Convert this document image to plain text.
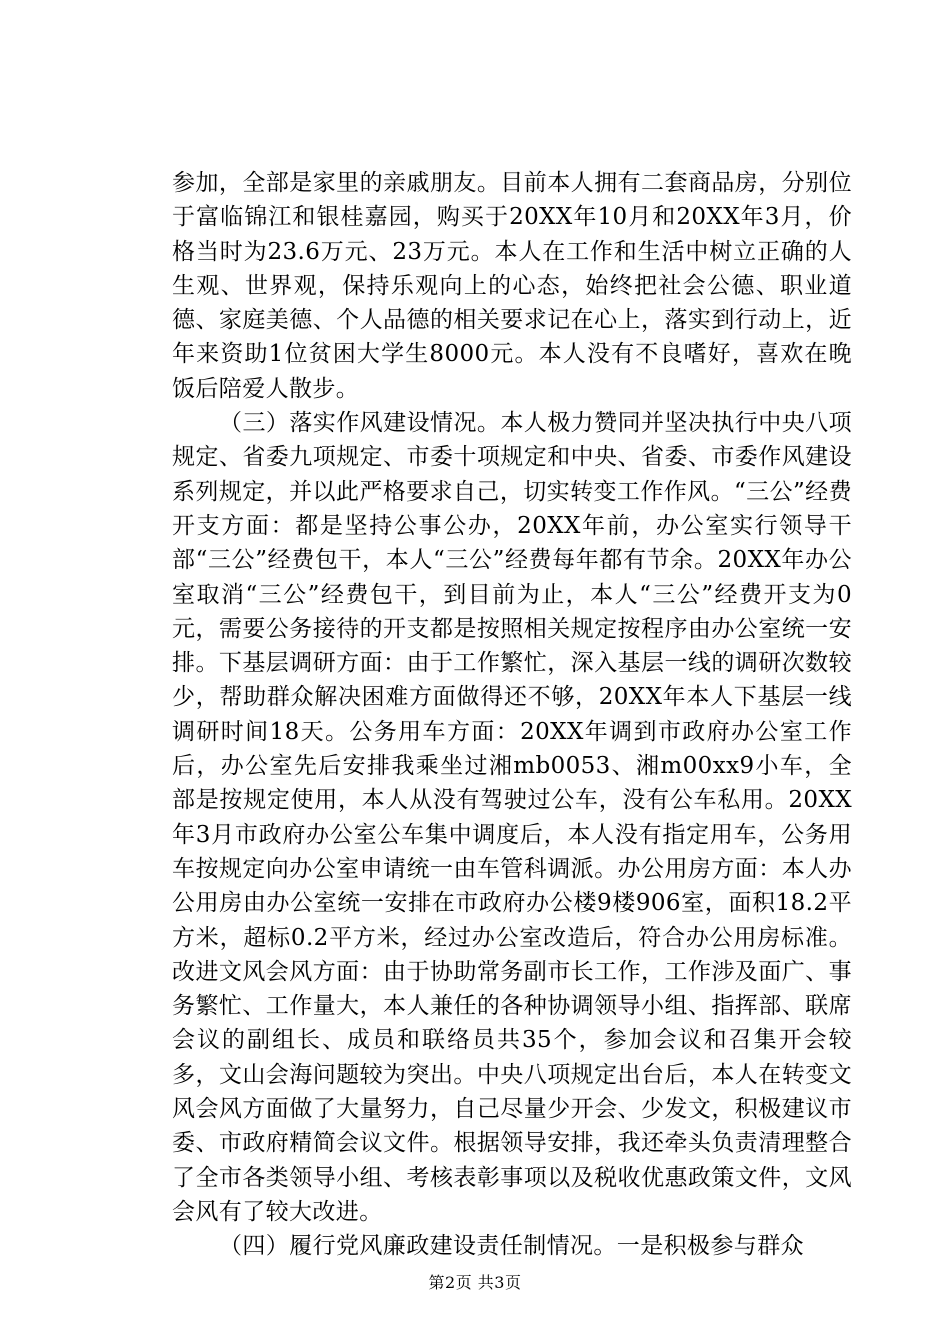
参加，全部是家里的亲戚朋友。目前本人拥有二套商品房，分别位于富临锦江和银桂嘉园，购买于20XX年10月和20XX年3月，价格当时为23.6万元、23万元。本人在工作和生活中树立正确的人生观、世界观，保持乐观向上的心态，始终把社会公德、职业道德、家庭美德、个人品德的相关要求记在心上，落实到行动上，近年来资助1位贫困大学生8000元。本人没有不良嗜好，喜欢在晚饭后陪爱人散步。

（三）落实作风建设情况。本人极力赞同并坚决执行中央八项规定、省委九项规定、市委十项规定和中央、省委、市委作风建设系列规定，并以此严格要求自己，切实转变工作作风。“三公”经费开支方面：都是坚持公事公办，20XX年前，办公室实行领导干部“三公”经费包干，本人“三公”经费每年都有节余。20XX年办公室取消“三公”经费包干，到目前为止，本人“三公”经费开支为0元，需要公务接待的开支都是按照相关规定按程序由办公室统一安排。下基层调研方面：由于工作繁忙，深入基层一线的调研次数较少，帮助群众解决困难方面做得还不够，20XX年本人下基层一线调研时间18天。公务用车方面：20XX年调到市政府办公室工作后，办公室先后安排我乘坐过湘mb0053、湘m00xx9小车，全部是按规定使用，本人从没有驾驶过公车，没有公车私用。20XX年3月市政府办公室公车集中调度后，本人没有指定用车，公务用车按规定向办公室申请统一由车管科调派。办公用房方面：本人办公用房由办公室统一安排在市政府办公楼9楼906室，面积18.2平方米，超标0.2平方米，经过办公室改造后，符合办公用房标准。改进文风会风方面：由于协助常务副市长工作，工作涉及面广、事务繁忙、工作量大，本人兼任的各种协调领导小组、指挥部、联席会议的副组长、成员和联络员共35个，参加会议和召集开会较多，文山会海问题较为突出。中央八项规定出台后，本人在转变文风会风方面做了大量努力，自己尽量少开会、少发文，积极建议市委、市政府精简会议文件。根据领导安排，我还牵头负责清理整合了全市各类领导小组、考核表彰事项以及税收优惠政策文件，文风会风有了较大改进。

（四）履行党风廉政建设责任制情况。一是积极参与群众

第2页 共3页
